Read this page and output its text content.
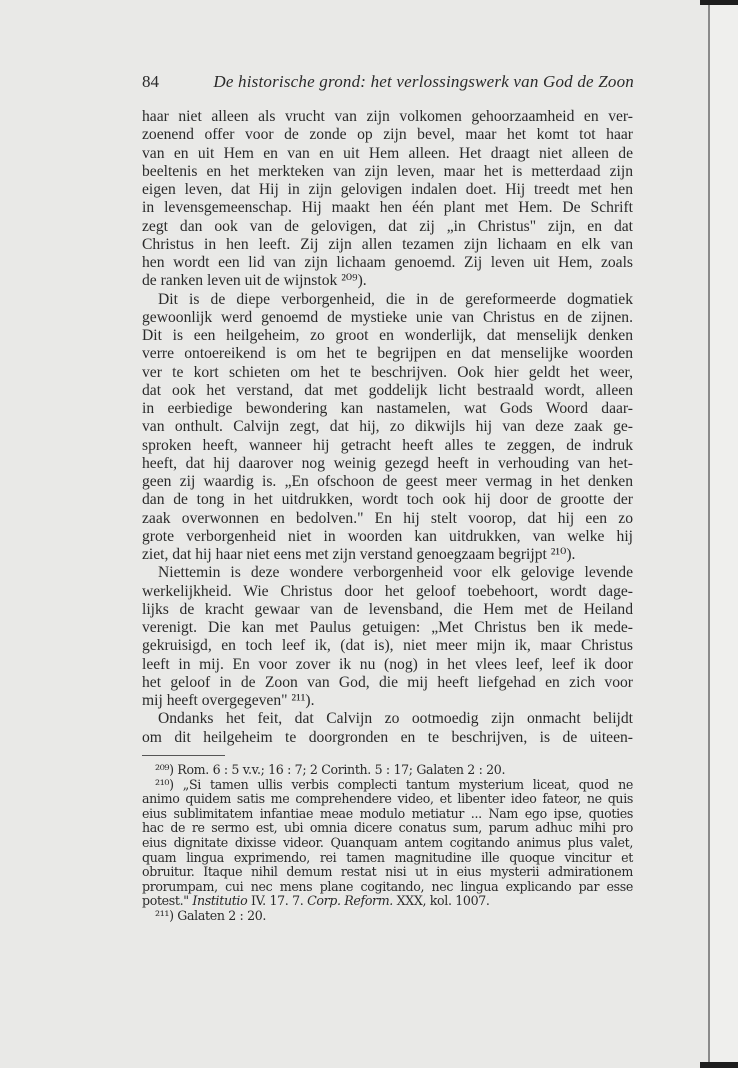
84	De historische grond: het verlossingswerk van God de Zoon
haar niet alleen als vrucht van zijn volkomen gehoorzaamheid en ver-
zoenend offer voor de zonde op zijn bevel, maar het komt tot haar
van en uit Hem en van en uit Hem alleen. Het draagt niet alleen de
beeltenis en het merkteken van zijn leven, maar het is metterdaad zijn
eigen leven, dat Hij in zijn gelovigen indalen doet. Hij treedt met hen
in levensgemeenschap. Hij maakt hen één plant met Hem. De Schrift
zegt dan ook van de gelovigen, dat zij „in Christus" zijn, en dat
Christus in hen leeft. Zij zijn allen tezamen zijn lichaam en elk van
hen wordt een lid van zijn lichaam genoemd. Zij leven uit Hem, zoals
de ranken leven uit de wijnstok ²⁰⁹).
Dit is de diepe verborgenheid, die in de gereformeerde dogmatiek
gewoonlijk werd genoemd de mystieke unie van Christus en de zijnen.
Dit is een heilgeheim, zo groot en wonderlijk, dat menselijk denken
verre ontoereikend is om het te begrijpen en dat menselijke woorden
ver te kort schieten om het te beschrijven. Ook hier geldt het weer,
dat ook het verstand, dat met goddelijk licht bestraald wordt, alleen
in eerbiedige bewondering kan nastamelen, wat Gods Woord daar-
van onthult. Calvijn zegt, dat hij, zo dikwijls hij van deze zaak ge-
sproken heeft, wanneer hij getracht heeft alles te zeggen, de indruk
heeft, dat hij daarover nog weinig gezegd heeft in verhouding van het-
geen zij waardig is. „En ofschoon de geest meer vermag in het denken
dan de tong in het uitdrukken, wordt toch ook hij door de grootte der
zaak overwonnen en bedolven." En hij stelt voorop, dat hij een zo
grote verborgenheid niet in woorden kan uitdrukken, van welke hij
ziet, dat hij haar niet eens met zijn verstand genoegzaam begrijpt ²¹⁰).
Niettemin is deze wondere verborgenheid voor elk gelovige levende
werkelijkheid. Wie Christus door het geloof toebehoort, wordt dage-
lijks de kracht gewaar van de levensband, die Hem met de Heiland
verenigt. Die kan met Paulus getuigen: „Met Christus ben ik mede-
gekruisigd, en toch leef ik, (dat is), niet meer mijn ik, maar Christus
leeft in mij. En voor zover ik nu (nog) in het vlees leef, leef ik door
het geloof in de Zoon van God, die mij heeft liefgehad en zich voor
mij heeft overgegeven" ²¹¹).
Ondanks het feit, dat Calvijn zo ootmoedig zijn onmacht belijdt
om dit heilgeheim te doorgronden en te beschrijven, is de uiteen-
²⁰⁹) Rom. 6 : 5 v.v.; 16 : 7; 2 Corinth. 5 : 17; Galaten 2 : 20.
²¹⁰) „Si tamen ullis verbis complecti tantum mysterium liceat, quod ne
animo quidem satis me comprehendere video, et libenter ideo fateor, ne quis
eius sublimitatem infantiae meae modulo metiatur ... Nam ego ipse, quoties
hac de re sermo est, ubi omnia dicere conatus sum, parum adhuc mihi pro
eius dignitate dixisse videor. Quanquam antem cogitando animus plus valet,
quam lingua exprimendo, rei tamen magnitudine ille quoque vincitur et
obruitur. Itaque nihil demum restat nisi ut in eius mysterii admirationem
prorumpam, cui nec mens plane cogitando, nec lingua explicando par esse
potest." Institutio IV. 17. 7. Corp. Reform. XXX, kol. 1007.
²¹¹) Galaten 2 : 20.
